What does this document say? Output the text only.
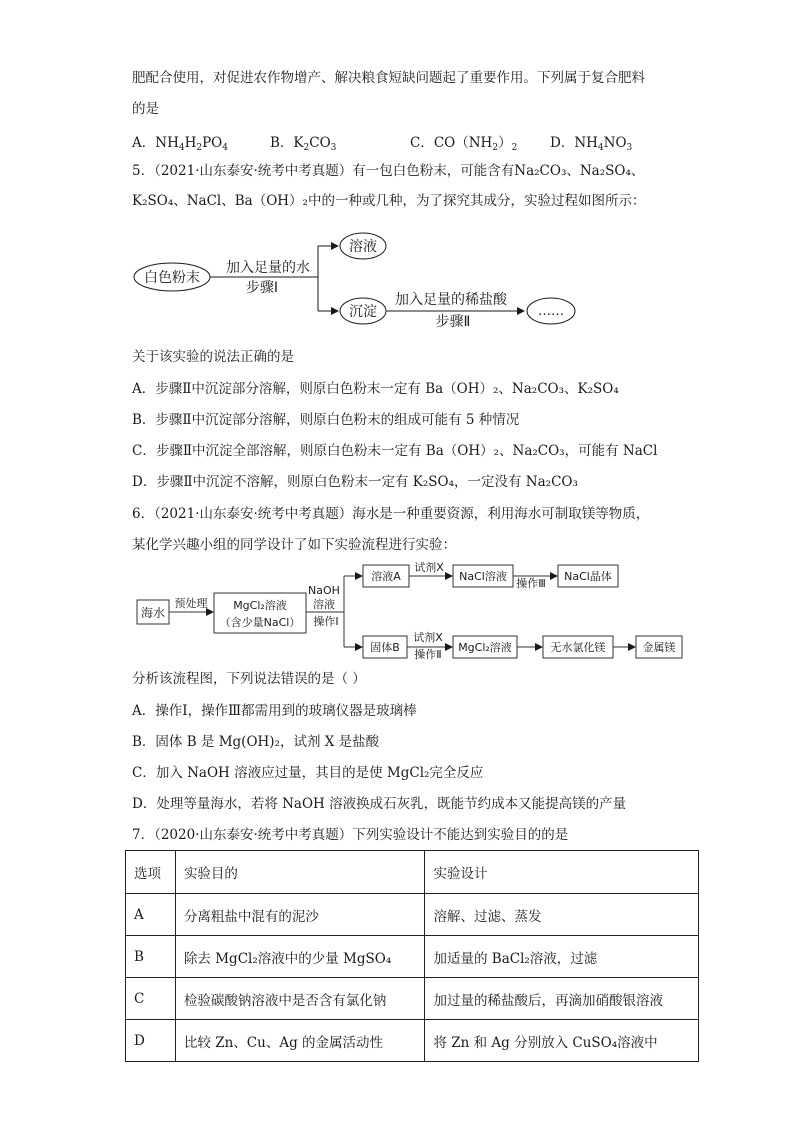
肥配合使用，对促进农作物增产、解决粮食短缺问题起了重要作用。下列属于复合肥料
的是
A．$NH_4H_2PO_4$	B．$K_2CO_3$	C．$CO(NH_2)_2$ D．$NH_4NO_3$
5．（2021·山东泰安·统考中考真题）有一包白色粉末，可能含有Na₂CO₃、Na₂SO₄、
K₂SO₄、NaCl、Ba（OH）₂中的一种或几种，为了探究其成分，实验过程如图所示：
白色粉末
加入足量的水
步骤Ⅰ
溶液
沉淀
加入足量的稀盐酸
步骤Ⅱ
……
海水
预处理 MgCl₂溶液
（含少量NaCl）
NaOH
溶液
操作Ⅰ
溶液A
试剂X
NaCl溶液
操作Ⅲ
NaCl晶体
固体B
试剂X
操作Ⅱ
MgCl₂溶液	无水氯化镁	金属镁
关于该实验的说法正确的是
A．步骤Ⅱ中沉淀部分溶解，则原白色粉末一定有 Ba（OH）₂、Na₂CO₃、K₂SO₄
B．步骤Ⅱ中沉淀部分溶解，则原白色粉末的组成可能有 5 种情况
C．步骤Ⅱ中沉淀全部溶解，则原白色粉末一定有 Ba（OH）₂、Na₂CO₃，可能有 NaCl
D．步骤Ⅱ中沉淀不溶解，则原白色粉末一定有 K₂SO₄，一定没有 Na₂CO₃
6．（2021·山东泰安·统考中考真题）海水是一种重要资源，利用海水可制取镁等物质，
某化学兴趣小组的同学设计了如下实验流程进行实验：
分析该流程图，下列说法错误的是（ ）
A．操作Ⅰ，操作Ⅲ都需用到的玻璃仪器是玻璃棒
B．固体 B 是 Mg(OH)₂，试剂 X 是盐酸
C．加入 NaOH 溶液应过量，其目的是使 MgCl₂完全反应
D．处理等量海水，若将 NaOH 溶液换成石灰乳，既能节约成本又能提高镁的产量
7．（2020·山东泰安·统考中考真题）下列实验设计不能达到实验目的的是
选项	实验目的	实验设计
A	分离粗盐中混有的泥沙	溶解、过滤、蒸发
B	除去 MgCl₂溶液中的少量 MgSO₄	加适量的 BaCl₂溶液，过滤
C	检验碳酸钠溶液中是否含有氯化钠	加过量的稀盐酸后，再滴加硝酸银溶液
D	比较 Zn、Cu、Ag 的金属活动性	将 Zn 和 Ag 分别放入 CuSO₄溶液中
